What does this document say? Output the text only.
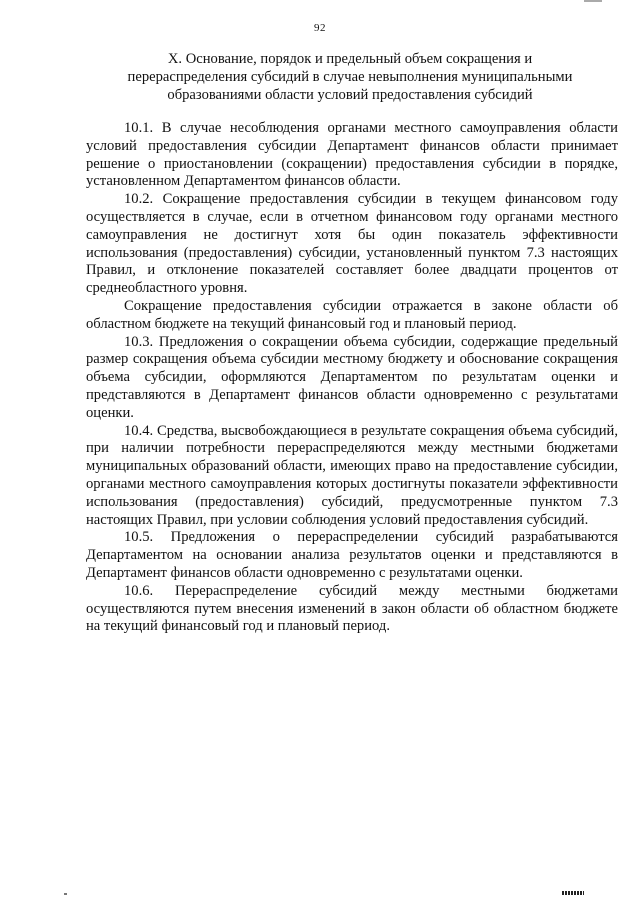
92
X. Основание, порядок и предельный объем сокращения и
перераспределения субсидий в случае невыполнения муниципальными
образованиями области условий предоставления субсидий

10.1. В случае несоблюдения органами местного самоуправления области условий предоставления субсидии Департамент финансов области принимает решение о приостановлении (сокращении) предоставления субсидии в порядке, установленном Департаментом финансов области.

10.2. Сокращение предоставления субсидии в текущем финансовом году осуществляется в случае, если в отчетном финансовом году органами местного самоуправления не достигнут хотя бы один показатель эффективности использования (предоставления) субсидии, установленный пунктом 7.3 настоящих Правил, и отклонение показателей составляет более двадцати процентов от среднеобластного уровня.

Сокращение предоставления субсидии отражается в законе области об областном бюджете на текущий финансовый год и плановый период.

10.3. Предложения о сокращении объема субсидии, содержащие предельный размер сокращения объема субсидии местному бюджету и обоснование сокращения объема субсидии, оформляются Департаментом по результатам оценки и представляются в Департамент финансов области одновременно с результатами оценки.

10.4. Средства, высвобождающиеся в результате сокращения объема субсидий, при наличии потребности перераспределяются между местными бюджетами муниципальных образований области, имеющих право на предоставление субсидии, органами местного самоуправления которых достигнуты показатели эффективности использования (предоставления) субсидий, предусмотренные пунктом 7.3 настоящих Правил, при условии соблюдения условий предоставления субсидий.

10.5. Предложения о перераспределении субсидий разрабатываются Департаментом на основании анализа результатов оценки и представляются в Департамент финансов области одновременно с результатами оценки.

10.6. Перераспределение субсидий между местными бюджетами осуществляются путем внесения изменений в закон области об областном бюджете на текущий финансовый год и плановый период.
